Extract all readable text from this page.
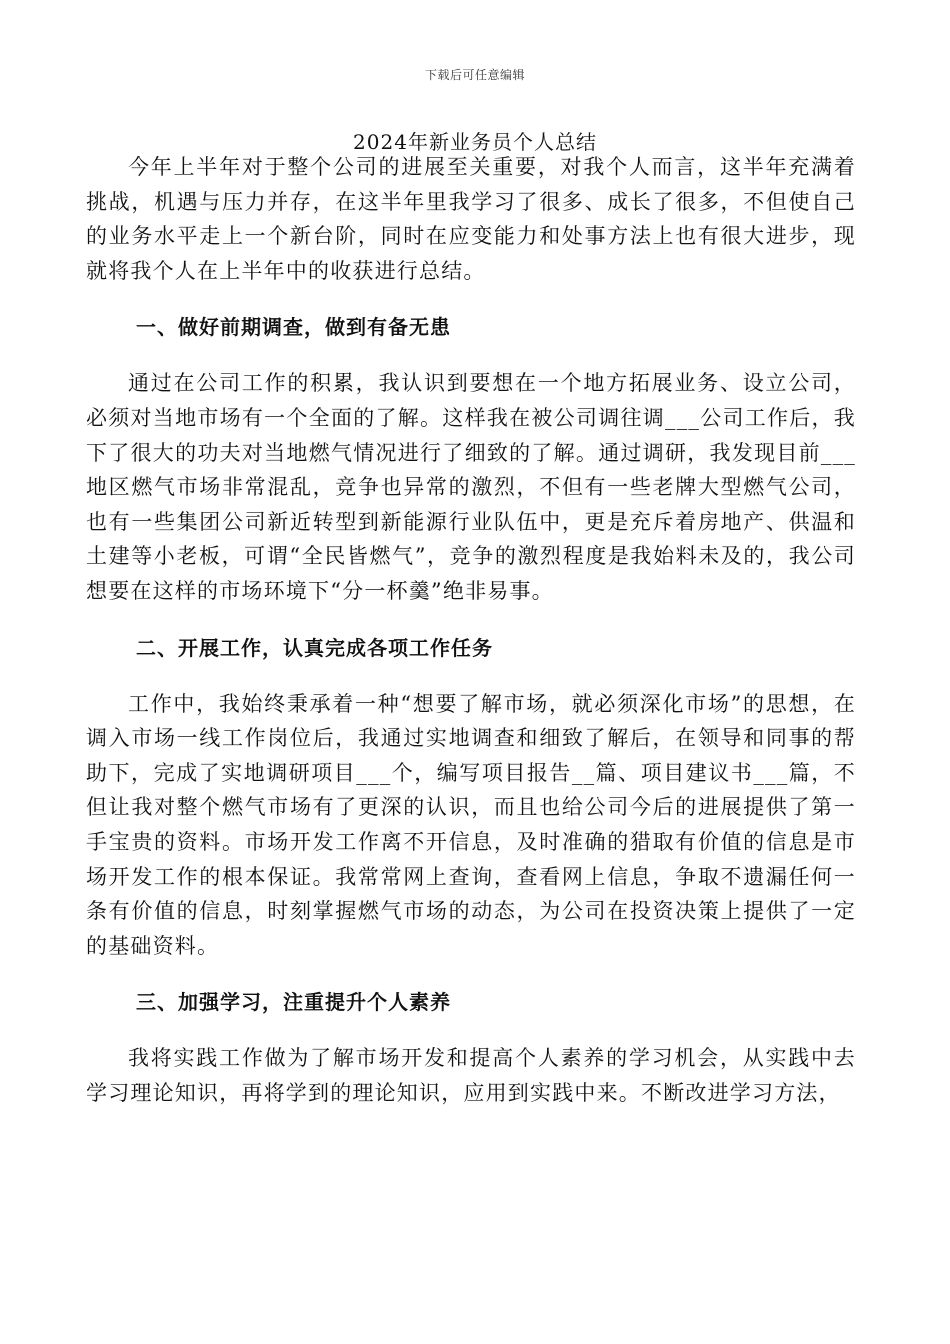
下载后可任意编辑
2024年新业务员个人总结

今年上半年对于整个公司的进展至关重要，对我个人而言，这半年充满着挑战，机遇与压力并存，在这半年里我学习了很多、成长了很多，不但使自己的业务水平走上一个新台阶，同时在应变能力和处事方法上也有很大进步，现就将我个人在上半年中的收获进行总结。

一、做好前期调查，做到有备无患

通过在公司工作的积累，我认识到要想在一个地方拓展业务、设立公司，必须对当地市场有一个全面的了解。这样我在被公司调往调___公司工作后，我下了很大的功夫对当地燃气情况进行了细致的了解。通过调研，我发现目前___地区燃气市场非常混乱，竞争也异常的激烈，不但有一些老牌大型燃气公司，也有一些集团公司新近转型到新能源行业队伍中，更是充斥着房地产、供温和土建等小老板，可谓“全民皆燃气”，竞争的激烈程度是我始料未及的，我公司想要在这样的市场环境下“分一杯羹”绝非易事。

二、开展工作，认真完成各项工作任务

工作中，我始终秉承着一种“想要了解市场，就必须深化市场”的思想，在调入市场一线工作岗位后，我通过实地调查和细致了解后，在领导和同事的帮助下，完成了实地调研项目___个，编写项目报告__篇、项目建议书___篇，不但让我对整个燃气市场有了更深的认识，而且也给公司今后的进展提供了第一手宝贵的资料。市场开发工作离不开信息，及时准确的猎取有价值的信息是市场开发工作的根本保证。我常常网上查询，查看网上信息，争取不遗漏任何一条有价值的信息，时刻掌握燃气市场的动态，为公司在投资决策上提供了一定的基础资料。

三、加强学习，注重提升个人素养

我将实践工作做为了解市场开发和提高个人素养的学习机会，从实践中去学习理论知识，再将学到的理论知识，应用到实践中来。不断改进学习方法，
